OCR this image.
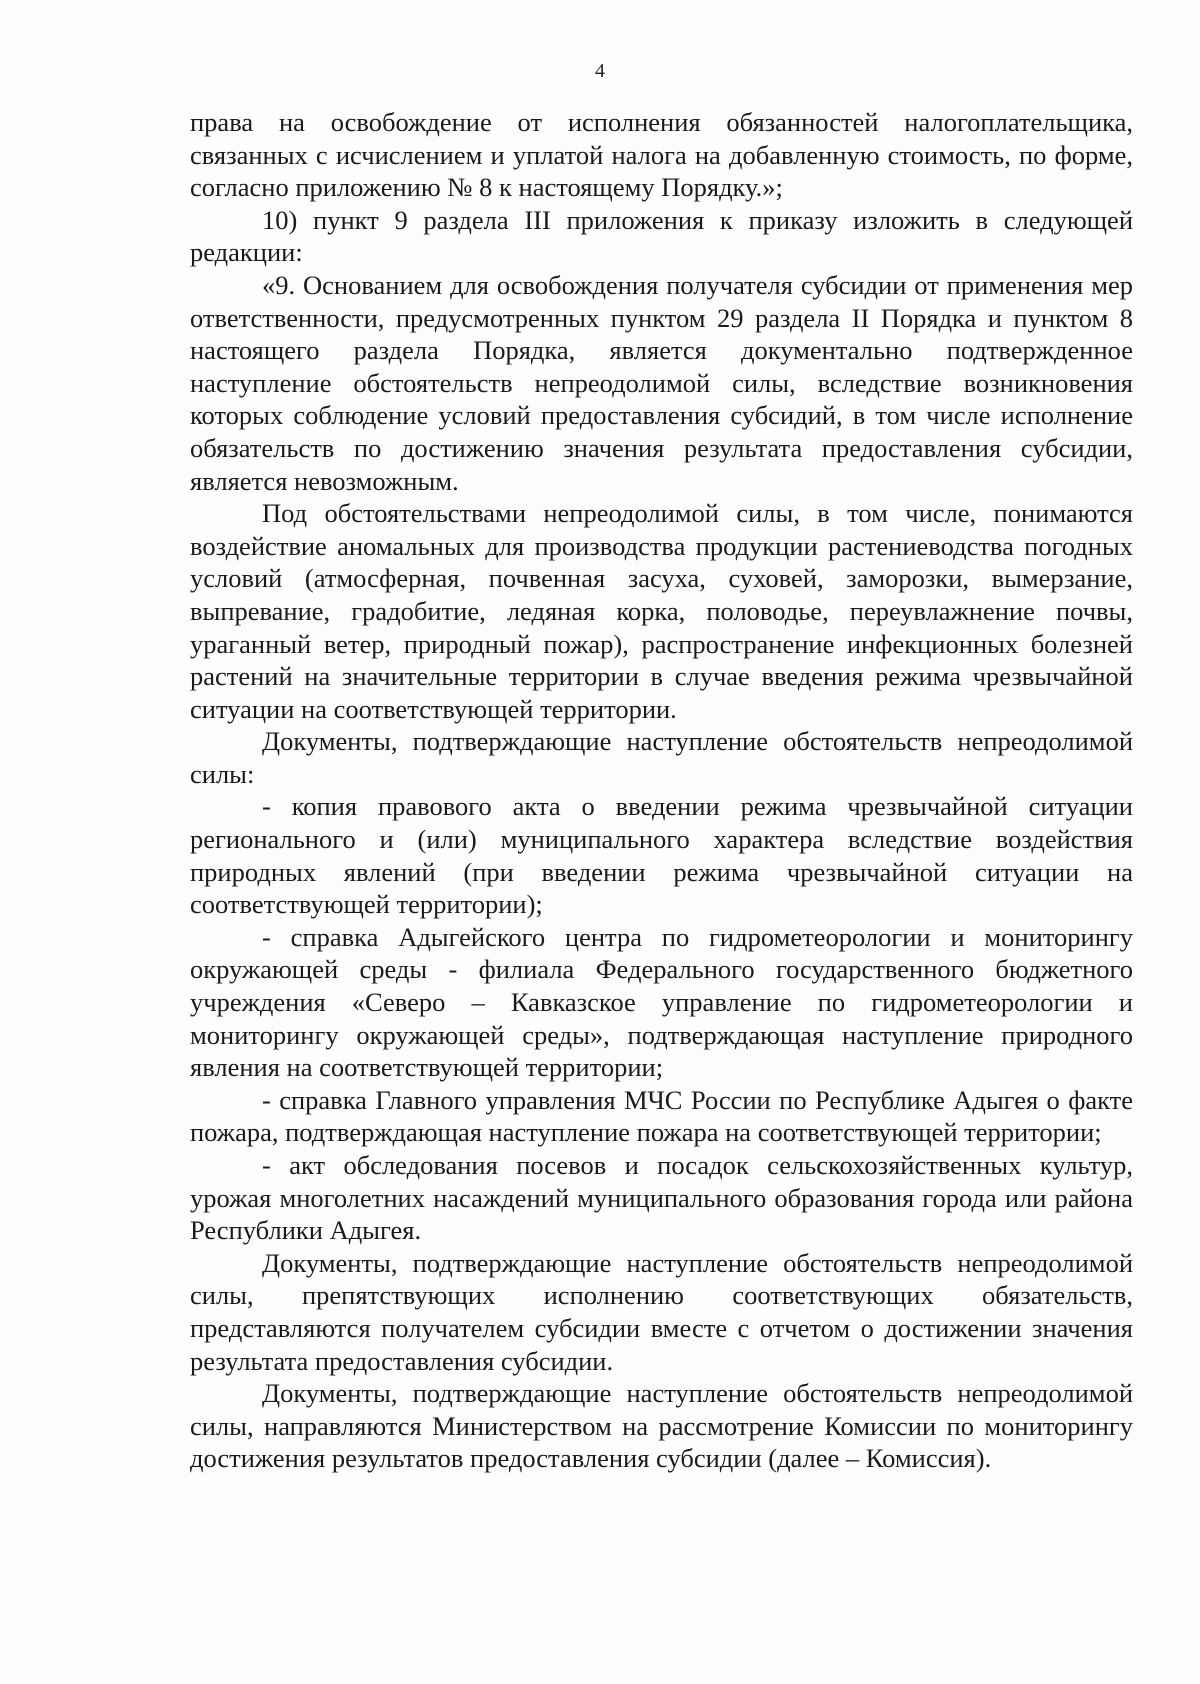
4

права на освобождение от исполнения обязанностей налогоплательщика, связанных с исчислением и уплатой налога на добавленную стоимость, по форме, согласно приложению № 8 к настоящему Порядку.»;

10) пункт 9 раздела III приложения к приказу изложить в следующей редакции:

«9. Основанием для освобождения получателя субсидии от применения мер ответственности, предусмотренных пунктом 29 раздела II Порядка и пунктом 8 настоящего раздела Порядка, является документально подтвержденное наступление обстоятельств непреодолимой силы, вследствие возникновения которых соблюдение условий предоставления субсидий, в том числе исполнение обязательств по достижению значения результата предоставления субсидии, является невозможным.

Под обстоятельствами непреодолимой силы, в том числе, понимаются воздействие аномальных для производства продукции растениеводства погодных условий (атмосферная, почвенная засуха, суховей, заморозки, вымерзание, выпревание, градобитие, ледяная корка, половодье, переувлажнение почвы, ураганный ветер, природный пожар), распространение инфекционных болезней растений на значительные территории в случае введения режима чрезвычайной ситуации на соответствующей территории.

Документы, подтверждающие наступление обстоятельств непреодолимой силы:

- копия правового акта о введении режима чрезвычайной ситуации регионального и (или) муниципального характера вследствие воздействия природных явлений (при введении режима чрезвычайной ситуации на соответствующей территории);

- справка Адыгейского центра по гидрометеорологии и мониторингу окружающей среды - филиала Федерального государственного бюджетного учреждения «Северо – Кавказское управление по гидрометеорологии и мониторингу окружающей среды», подтверждающая наступление природного явления на соответствующей территории;

- справка Главного управления МЧС России по Республике Адыгея о факте пожара, подтверждающая наступление пожара на соответствующей территории;

- акт обследования посевов и посадок сельскохозяйственных культур, урожая многолетних насаждений муниципального образования города или района Республики Адыгея.

Документы, подтверждающие наступление обстоятельств непреодолимой силы, препятствующих исполнению соответствующих обязательств, представляются получателем субсидии вместе с отчетом о достижении значения результата предоставления субсидии.

Документы, подтверждающие наступление обстоятельств непреодолимой силы, направляются Министерством на рассмотрение Комиссии по мониторингу достижения результатов предоставления субсидии (далее – Комиссия).
